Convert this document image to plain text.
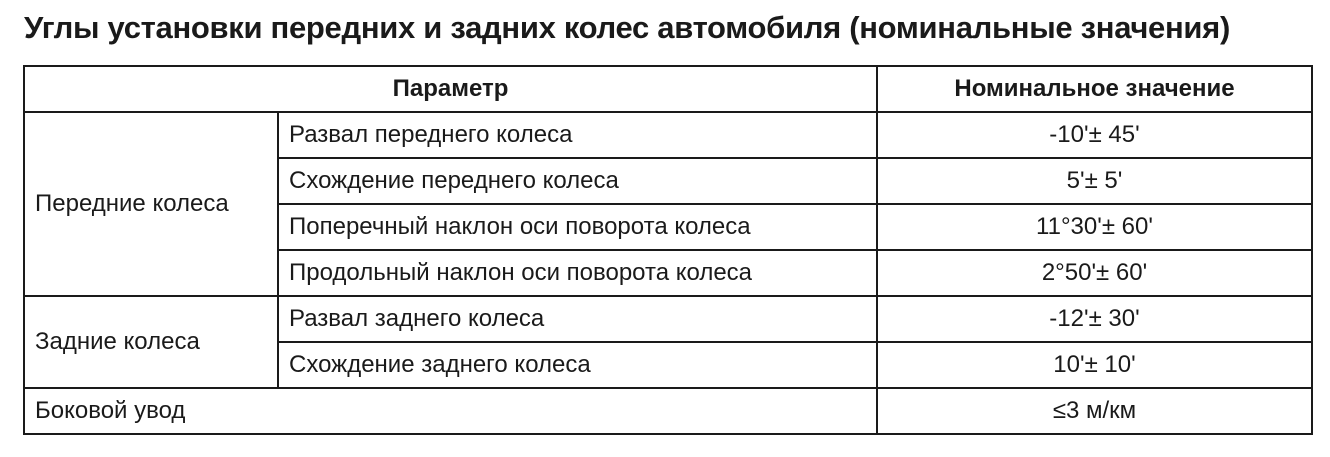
Углы установки передних и задних колес автомобиля (номинальные значения)
Параметр		Номинальное значение
Передние колеса	Развал переднего колеса	-10'± 45'
	Схождение переднего колеса	5'± 5'
	Поперечный наклон оси поворота колеса	11°30'± 60'
	Продольный наклон оси поворота колеса	2°50'± 60'
Задние колеса	Развал заднего колеса	-12'± 30'
	Схождение заднего колеса	10'± 10'
Боковой увод		≤3 м/км
